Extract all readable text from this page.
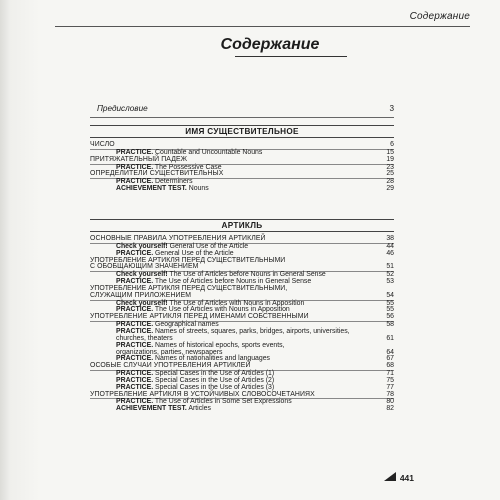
Содержание
Содержание
Предисловие	3
ИМЯ СУЩЕСТВИТЕЛЬНОЕ
ЧИСЛО	6
PRACTICE. Countable and Uncountable Nouns	15
ПРИТЯЖАТЕЛЬНЫЙ ПАДЕЖ	19
PRACTICE. The Possessive Case	23
ОПРЕДЕЛИТЕЛИ СУЩЕСТВИТЕЛЬНЫХ	25
PRACTICE. Determiners	28
ACHIEVEMENT TEST. Nouns	29
АРТИКЛЬ
ОСНОВНЫЕ ПРАВИЛА УПОТРЕБЛЕНИЯ АРТИКЛЕЙ	38
Check yourself! General Use of the Article	44
PRACTICE. General Use of the Article	46
УПОТРЕБЛЕНИЕ АРТИКЛЯ ПЕРЕД СУЩЕСТВИТЕЛЬНЫМИ
С ОБОБЩАЮЩИМ ЗНАЧЕНИЕМ	51
Check yourself! The Use of Articles before Nouns in General Sense	52
PRACTICE. The Use of Articles before Nouns in General Sense	53
УПОТРЕБЛЕНИЕ АРТИКЛЯ ПЕРЕД СУЩЕСТВИТЕЛЬНЫМИ,
СЛУЖАЩИМ ПРИЛОЖЕНИЕМ	54
Check yourself! The Use of Articles with Nouns in Apposition	55
PRACTICE. The Use of Articles with Nouns in Apposition	55
УПОТРЕБЛЕНИЕ АРТИКЛЯ ПЕРЕД ИМЕНАМИ СОБСТВЕННЫМИ	56
PRACTICE. Geographical names	58
PRACTICE. Names of streets, squares, parks, bridges, airports, universities,
churches, theaters	61
PRACTICE. Names of historical epochs, sports events,
organizations, parties, newspapers	64
PRACTICE. Names of nationalities and languages	67
ОСОБЫЕ СЛУЧАИ УПОТРЕБЛЕНИЯ АРТИКЛЕЙ	68
PRACTICE. Special Cases in the Use of Articles (1)	71
PRACTICE. Special Cases in the Use of Articles (2)	75
PRACTICE. Special Cases in the Use of Articles (3)	77
УПОТРЕБЛЕНИЕ АРТИКЛЯ В УСТОЙЧИВЫХ СЛОВОСОЧЕТАНИЯХ	78
PRACTICE. The Use of Articles in Some Set Expressions	80
ACHIEVEMENT TEST. Articles	82
441
